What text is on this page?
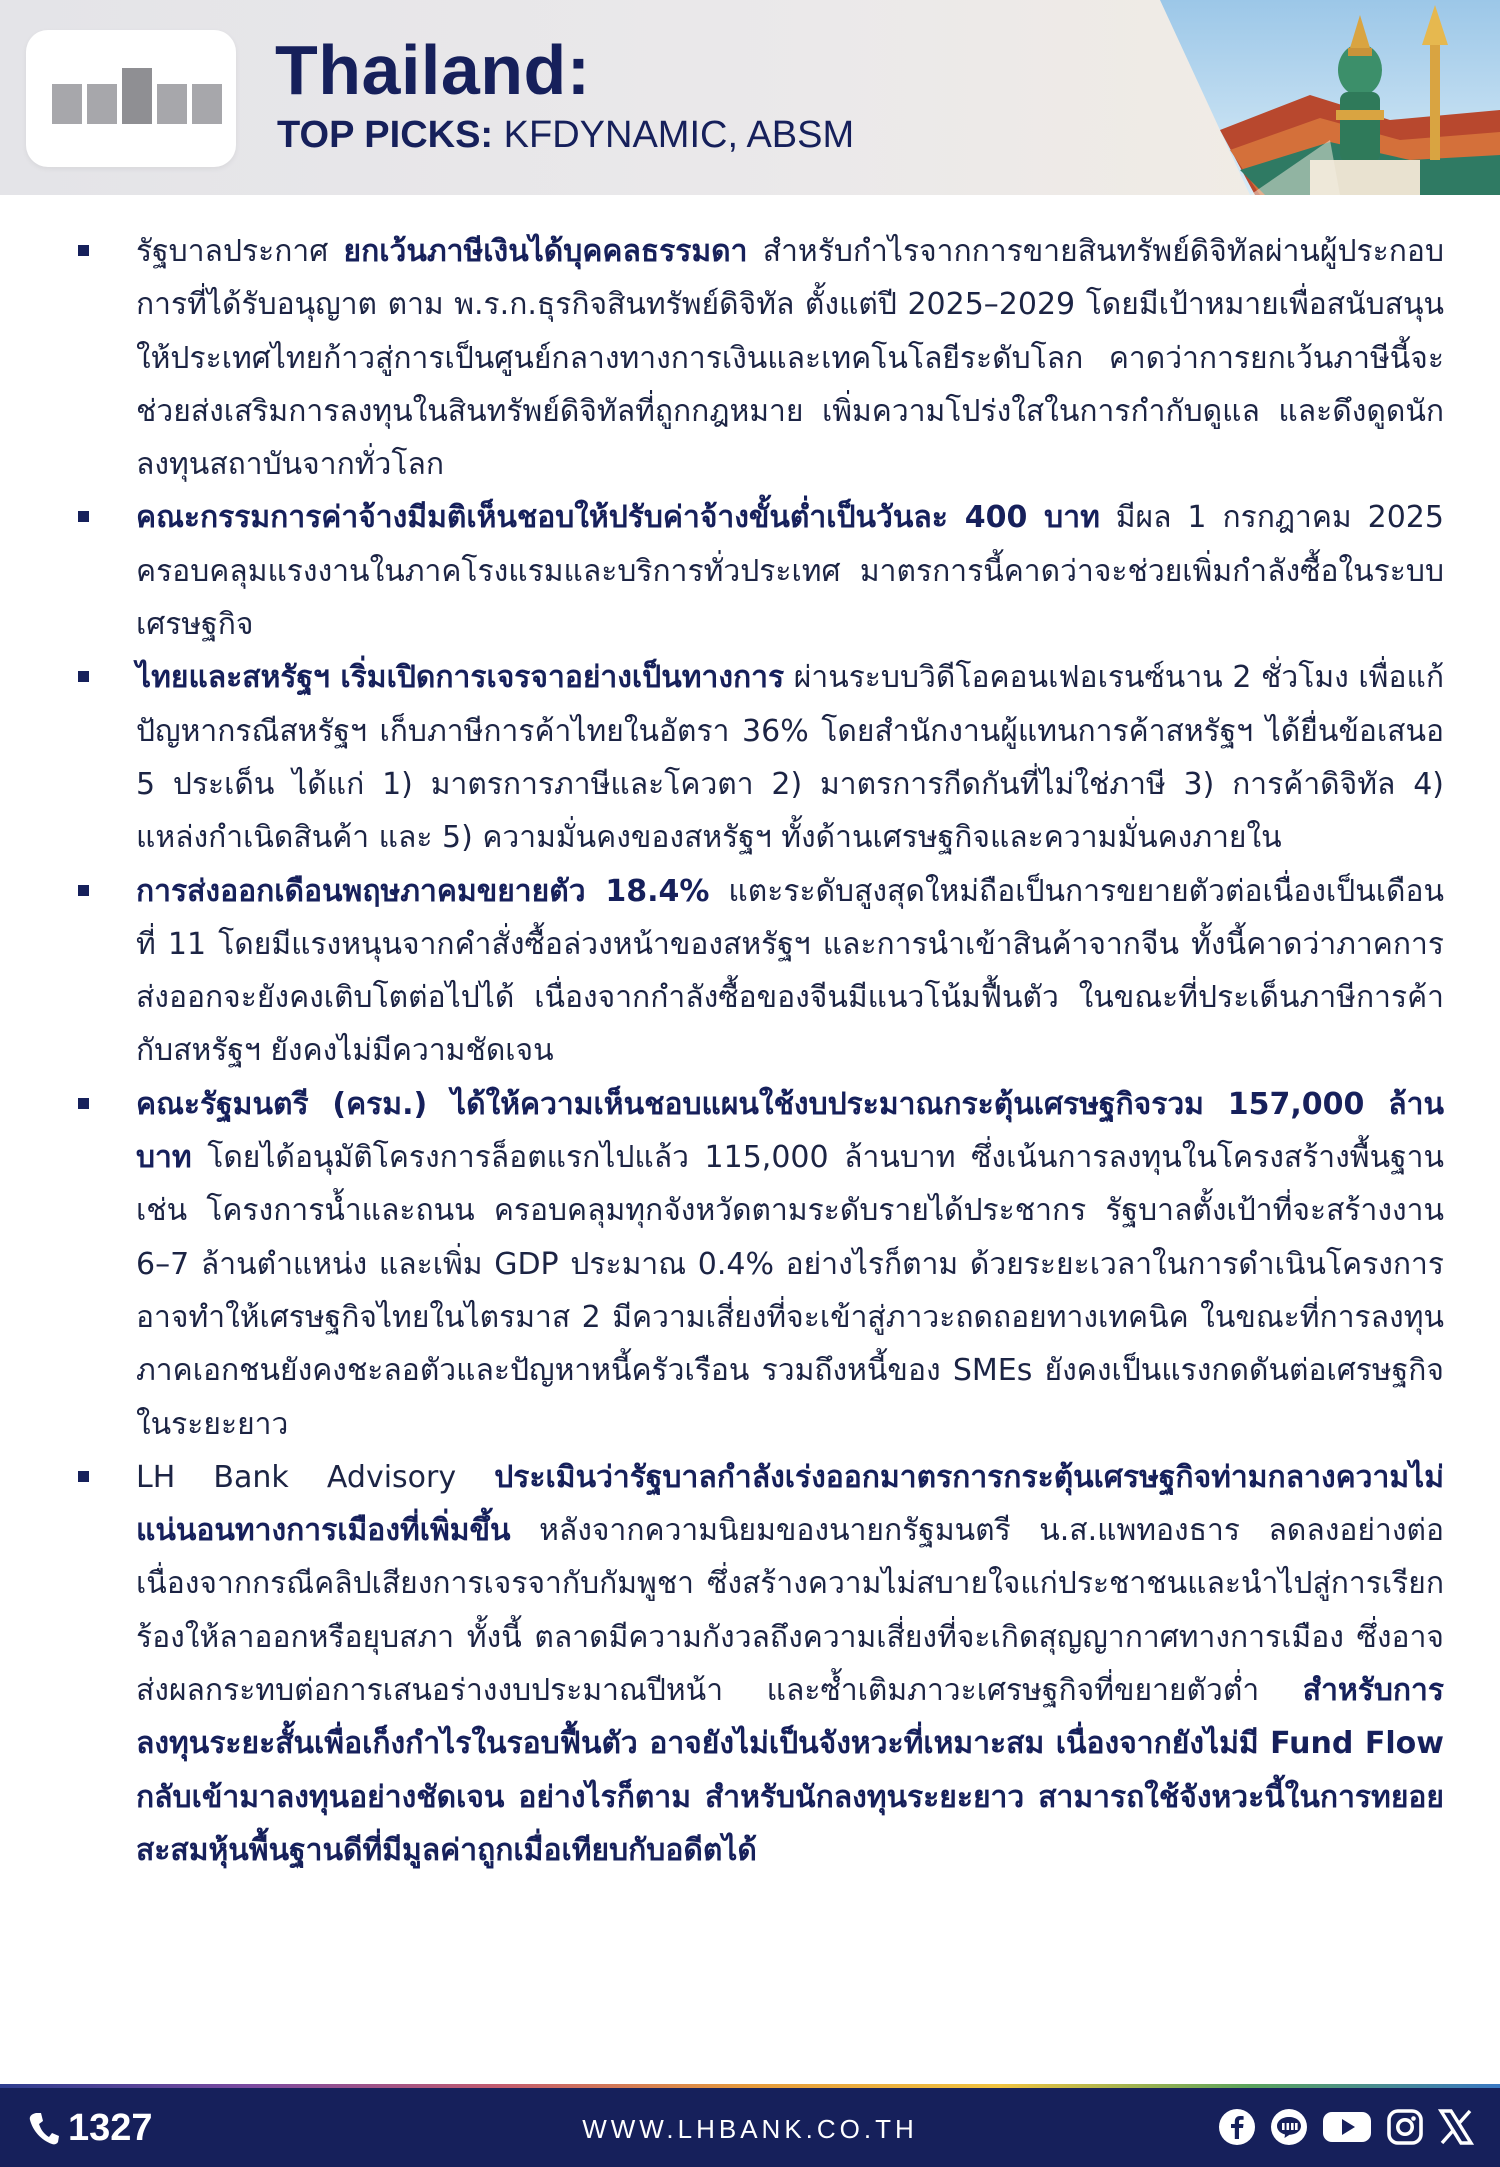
Thailand:
TOP PICKS: KFDYNAMIC, ABSM

รัฐบาลประกาศ ยกเว้นภาษีเงินได้บุคคลธรรมดา สำหรับกำไรจากการขายสินทรัพย์ดิจิทัลผ่านผู้ประกอบการที่ได้รับอนุญาต ตาม พ.ร.ก.ธุรกิจสินทรัพย์ดิจิทัล ตั้งแต่ปี 2025–2029 โดยมีเป้าหมายเพื่อสนับสนุนให้ประเทศไทยก้าวสู่การเป็นศูนย์กลางทางการเงินและเทคโนโลยีระดับโลก คาดว่าการยกเว้นภาษีนี้จะช่วยส่งเสริมการลงทุนในสินทรัพย์ดิจิทัลที่ถูกกฎหมาย เพิ่มความโปร่งใสในการกำกับดูแล และดึงดูดนักลงทุนสถาบันจากทั่วโลก

คณะกรรมการค่าจ้างมีมติเห็นชอบให้ปรับค่าจ้างขั้นต่ำเป็นวันละ 400 บาท มีผล 1 กรกฎาคม 2025 ครอบคลุมแรงงานในภาคโรงแรมและบริการทั่วประเทศ มาตรการนี้คาดว่าจะช่วยเพิ่มกำลังซื้อในระบบเศรษฐกิจ

ไทยและสหรัฐฯ เริ่มเปิดการเจรจาอย่างเป็นทางการ ผ่านระบบวิดีโอคอนเฟอเรนซ์นาน 2 ชั่วโมง เพื่อแก้ปัญหากรณีสหรัฐฯ เก็บภาษีการค้าไทยในอัตรา 36% โดยสำนักงานผู้แทนการค้าสหรัฐฯ ได้ยื่นข้อเสนอ 5 ประเด็น ได้แก่ 1) มาตรการภาษีและโควตา 2) มาตรการกีดกันที่ไม่ใช่ภาษี 3) การค้าดิจิทัล 4) แหล่งกำเนิดสินค้า และ 5) ความมั่นคงของสหรัฐฯ ทั้งด้านเศรษฐกิจและความมั่นคงภายใน

การส่งออกเดือนพฤษภาคมขยายตัว 18.4% แตะระดับสูงสุดใหม่ถือเป็นการขยายตัวต่อเนื่องเป็นเดือนที่ 11 โดยมีแรงหนุนจากคำสั่งซื้อล่วงหน้าของสหรัฐฯ และการนำเข้าสินค้าจากจีน ทั้งนี้คาดว่าภาคการส่งออกจะยังคงเติบโตต่อไปได้ เนื่องจากกำลังซื้อของจีนมีแนวโน้มฟื้นตัว ในขณะที่ประเด็นภาษีการค้ากับสหรัฐฯ ยังคงไม่มีความชัดเจน

คณะรัฐมนตรี (ครม.) ได้ให้ความเห็นชอบแผนใช้งบประมาณกระตุ้นเศรษฐกิจรวม 157,000 ล้านบาท โดยได้อนุมัติโครงการล็อตแรกไปแล้ว 115,000 ล้านบาท ซึ่งเน้นการลงทุนในโครงสร้างพื้นฐาน เช่น โครงการน้ำและถนน ครอบคลุมทุกจังหวัดตามระดับรายได้ประชากร รัฐบาลตั้งเป้าที่จะสร้างงาน 6–7 ล้านตำแหน่ง และเพิ่ม GDP ประมาณ 0.4% อย่างไรก็ตาม ด้วยระยะเวลาในการดำเนินโครงการ อาจทำให้เศรษฐกิจไทยในไตรมาส 2 มีความเสี่ยงที่จะเข้าสู่ภาวะถดถอยทางเทคนิค ในขณะที่การลงทุนภาคเอกชนยังคงชะลอตัวและปัญหาหนี้ครัวเรือน รวมถึงหนี้ของ SMEs ยังคงเป็นแรงกดดันต่อเศรษฐกิจในระยะยาว

LH Bank Advisory ประเมินว่ารัฐบาลกำลังเร่งออกมาตรการกระตุ้นเศรษฐกิจท่ามกลางความไม่แน่นอนทางการเมืองที่เพิ่มขึ้น หลังจากความนิยมของนายกรัฐมนตรี น.ส.แพทองธาร ลดลงอย่างต่อเนื่องจากกรณีคลิปเสียงการเจรจากับกัมพูชา ซึ่งสร้างความไม่สบายใจแก่ประชาชนและนำไปสู่การเรียกร้องให้ลาออกหรือยุบสภา ทั้งนี้ ตลาดมีความกังวลถึงความเสี่ยงที่จะเกิดสุญญากาศทางการเมือง ซึ่งอาจส่งผลกระทบต่อการเสนอร่างงบประมาณปีหน้า และซ้ำเติมภาวะเศรษฐกิจที่ขยายตัวต่ำ สำหรับการลงทุนระยะสั้นเพื่อเก็งกำไรในรอบฟื้นตัว อาจยังไม่เป็นจังหวะที่เหมาะสม เนื่องจากยังไม่มี Fund Flow กลับเข้ามาลงทุนอย่างชัดเจน อย่างไรก็ตาม สำหรับนักลงทุนระยะยาว สามารถใช้จังหวะนี้ในการทยอยสะสมหุ้นพื้นฐานดีที่มีมูลค่าถูกเมื่อเทียบกับอดีตได้

1327	WWW.LHBANK.CO.TH
